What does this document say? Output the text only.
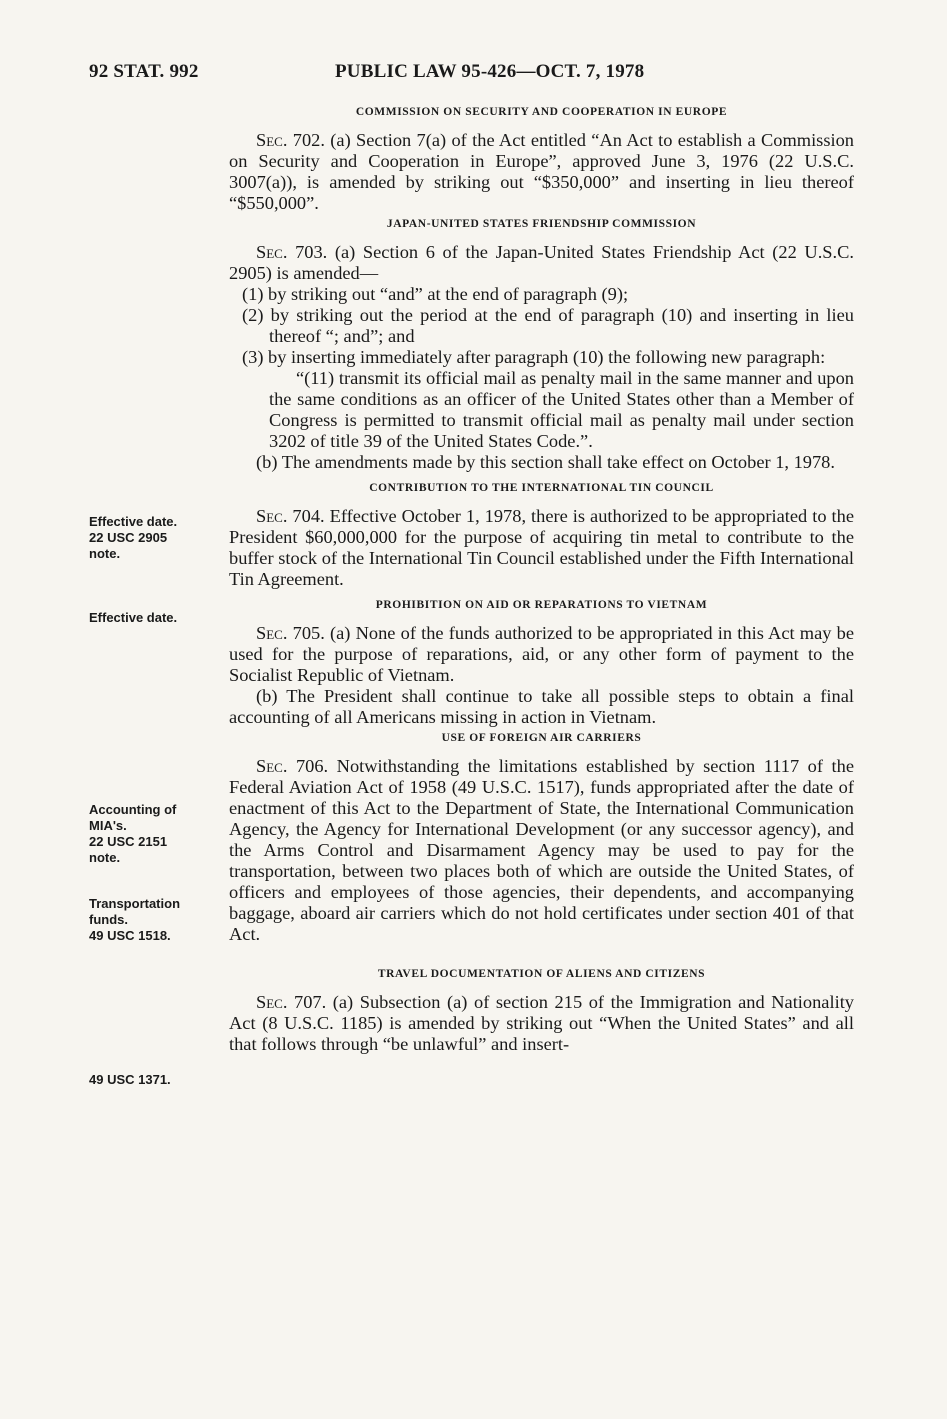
92 STAT. 992	PUBLIC LAW 95-426—OCT. 7, 1978
COMMISSION ON SECURITY AND COOPERATION IN EUROPE

Sec. 702. (a) Section 7(a) of the Act entitled “An Act to establish a Commission on Security and Cooperation in Europe”, approved June 3, 1976 (22 U.S.C. 3007(a)), is amended by striking out “$350,000” and inserting in lieu thereof “$550,000”.

JAPAN-UNITED STATES FRIENDSHIP COMMISSION

Sec. 703. (a) Section 6 of the Japan-United States Friendship Act (22 U.S.C. 2905) is amended—

(1) by striking out “and” at the end of paragraph (9);

(2) by striking out the period at the end of paragraph (10) and inserting in lieu thereof “; and”; and

(3) by inserting immediately after paragraph (10) the following new paragraph:

“(11) transmit its official mail as penalty mail in the same manner and upon the same conditions as an officer of the United States other than a Member of Congress is permitted to transmit official mail as penalty mail under section 3202 of title 39 of the United States Code.”.

(b) The amendments made by this section shall take effect on October 1, 1978.

CONTRIBUTION TO THE INTERNATIONAL TIN COUNCIL

Sec. 704. Effective October 1, 1978, there is authorized to be appropriated to the President $60,000,000 for the purpose of acquiring tin metal to contribute to the buffer stock of the International Tin Council established under the Fifth International Tin Agreement.

PROHIBITION ON AID OR REPARATIONS TO VIETNAM

Sec. 705. (a) None of the funds authorized to be appropriated in this Act may be used for the purpose of reparations, aid, or any other form of payment to the Socialist Republic of Vietnam.

(b) The President shall continue to take all possible steps to obtain a final accounting of all Americans missing in action in Vietnam.

USE OF FOREIGN AIR CARRIERS

Sec. 706. Notwithstanding the limitations established by section 1117 of the Federal Aviation Act of 1958 (49 U.S.C. 1517), funds appropriated after the date of enactment of this Act to the Department of State, the International Communication Agency, the Agency for International Development (or any successor agency), and the Arms Control and Disarmament Agency may be used to pay for the transportation, between two places both of which are outside the United States, of officers and employees of those agencies, their dependents, and accompanying baggage, aboard air carriers which do not hold certificates under section 401 of that Act.

TRAVEL DOCUMENTATION OF ALIENS AND CITIZENS

Sec. 707. (a) Subsection (a) of section 215 of the Immigration and Nationality Act (8 U.S.C. 1185) is amended by striking out “When the United States” and all that follows through “be unlawful” and insert-

Effective date.
22 USC 2905
note.
Effective date.
Accounting of
MIA's.
22 USC 2151
note.
Transportation
funds.
49 USC 1518.
49 USC 1371.
